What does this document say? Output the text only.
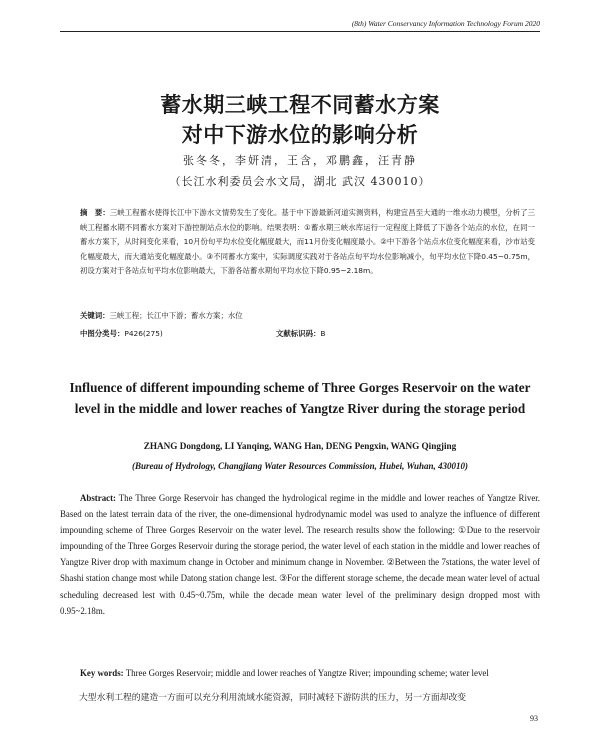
(8th) Water Conservancy Information Technology Forum 2020
蓄水期三峡工程不同蓄水方案
对中下游水位的影响分析
张冬冬，李妍清，王含，邓鹏鑫，汪青静
（长江水利委员会水文局，湖北 武汉 430010）
摘　要：三峡工程蓄水使得长江中下游水文情势发生了变化。基于中下游最新河道实测资料，构建宜昌至大通的一维水动力模型，分析了三峡工程蓄水期不同蓄水方案对下游控制站点水位的影响。结果表明：①蓄水期三峡水库运行一定程度上降低了下游各个站点的水位，在同一蓄水方案下，从时间变化来看，10月份旬平均水位变化幅度最大，而11月份变化幅度最小。②中下游各个站点水位变化幅度来看，沙市站变化幅度最大，而大通站变化幅度最小。③不同蓄水方案中，实际调度实践对于各站点旬平均水位影响减小，旬平均水位下降0.45~0.75m，初设方案对于各站点旬平均水位影响最大，下游各站蓄水期旬平均水位下降0.95~2.18m。
关键词：三峡工程；长江中下游；蓄水方案；水位
中图分类号：P426(275)	文献标识码：B
Influence of different impounding scheme of Three Gorges Reservoir on the water level in the middle and lower reaches of Yangtze River during the storage period
ZHANG Dongdong, LI Yanqing, WANG Han, DENG Pengxin, WANG Qingjing
(Bureau of Hydrology, Changjiang Water Resources Commission, Hubei, Wuhan, 430010)
Abstract: The Three Gorge Reservoir has changed the hydrological regime in the middle and lower reaches of Yangtze River. Based on the latest terrain data of the river, the one-dimensional hydrodynamic model was used to analyze the influence of different impounding scheme of Three Gorges Reservoir on the water level. The research results show the following: ①Due to the reservoir impounding of the Three Gorges Reservoir during the storage period, the water level of each station in the middle and lower reaches of Yangtze River drop with maximum change in October and minimum change in November. ②Between the 7stations, the water level of Shashi station change most while Datong station change lest. ③For the different storage scheme, the decade mean water level of actual scheduling decreased lest with 0.45~0.75m, while the decade mean water level of the preliminary design dropped most with 0.95~2.18m.
Key words: Three Gorges Reservoir; middle and lower reaches of Yangtze River; impounding scheme; water level
大型水利工程的建造一方面可以充分利用流域水能资源，同时减轻下游防洪的压力，另一方面却改变
93
